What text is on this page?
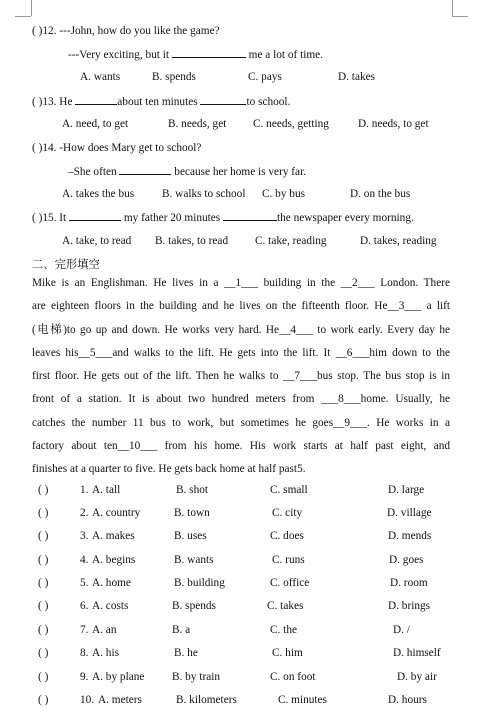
( )12. ---John, how do you like the game?
---Very exciting, but it	me a lot of time.
A. wants	B. spends	C. pays	D. takes
( )13. He	about ten minutes	to school.
A. need, to get	B. needs, get C. needs, getting	D. needs, to get
( )14. -How does Mary get to school?
–She often	because her home is very far.
A. takes the bus B. walks to school C. by bus	D. on the bus
( )15. It	my father 20 minutes	the newspaper every morning.
A. take, to read B. takes, to read C. take, reading	D. takes, reading
二、完形填空
Mike is an Englishman. He lives in a __1___ building in the __2___ London. There
are eighteen floors in the building and he lives on the fifteenth floor. He__3___ a lift
(电梯)to go up and down. He works very hard. He__4___ to work early. Every day he
leaves his__5___and walks to the lift. He gets into the lift. It __6___him down to the
first floor. He gets out of the lift. Then he walks to __7___bus stop. The bus stop is in
front of a station. It is about two hundred meters from ___8___home. Usually, he
catches the number 11 bus to work, but sometimes he goes__9___. He works in a
factory about ten__10___ from his home. His work starts at half past eight, and
finishes at a quarter to five. He gets back home at half past5.
( )	1. A. tall	B. shot	C. small	D. large
( )	2. A. country	B. town	C. city	D. village
( )	3. A. makes	B. uses	C. does	D. mends
( )	4. A. begins	B. wants	C. runs	D. goes
( )	5. A. home	B. building	C. office	D. room
( )	6. A. costs	B. spends	C. takes	D. brings
( )	7. A. an	B. a	C. the	D. /
( )	8. A. his	B. he	C. him	D. himself
( )	9. A. by plane B. by train	C. on foot	D. by air
( )	10. A. meters	B. kilometers	C. minutes	D. hours
